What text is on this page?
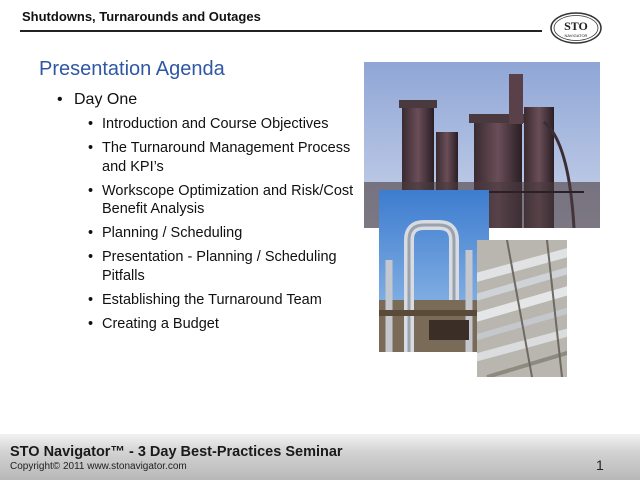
Shutdowns, Turnarounds and Outages
STO
NAVIGATOR
Presentation Agenda
• Day One
• Introduction and Course Objectives
• The Turnaround Management Process and KPI’s
• Workscope Optimization and Risk/Cost Benefit Analysis
• Planning / Scheduling
• Presentation - Planning / Scheduling Pitfalls
• Establishing the Turnaround Team
• Creating a Budget
STO Navigator™ - 3 Day Best-Practices Seminar
Copyright© 2011 www.stonavigator.com	1
